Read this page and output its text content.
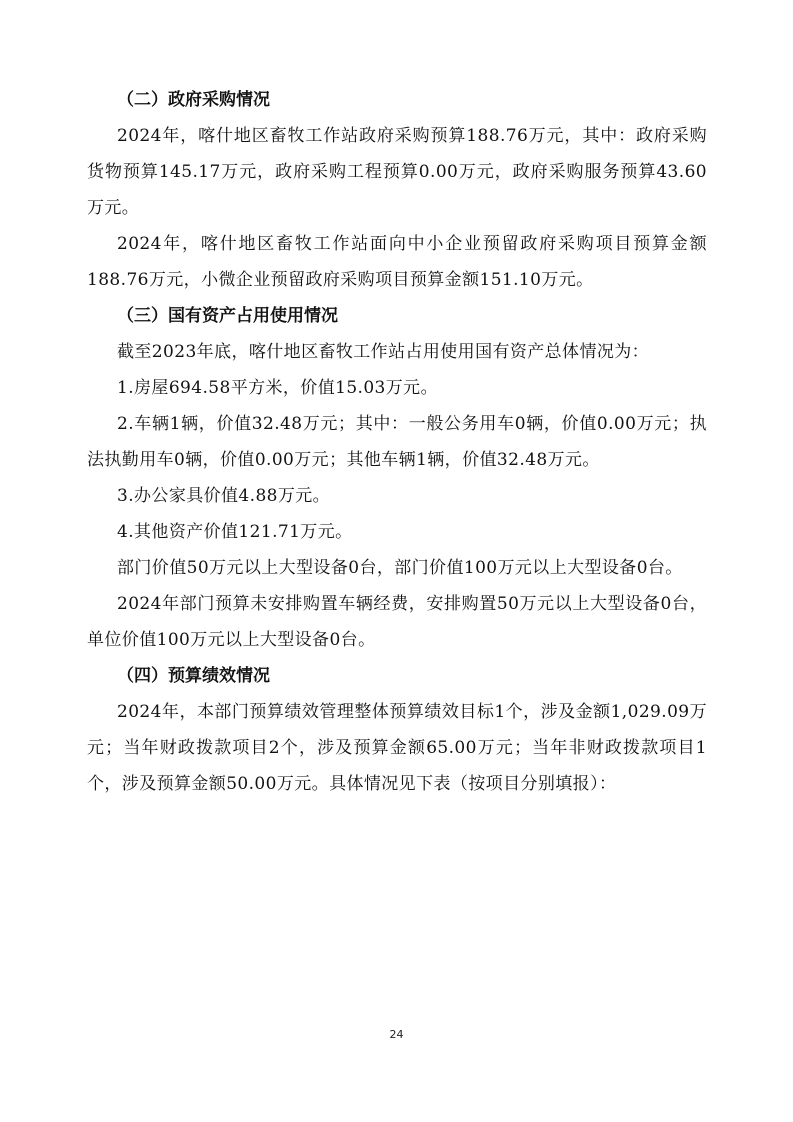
（二）政府采购情况

2024年，喀什地区畜牧工作站政府采购预算188.76万元，其中：政府采购货物预算145.17万元，政府采购工程预算0.00万元，政府采购服务预算43.60万元。

2024年，喀什地区畜牧工作站面向中小企业预留政府采购项目预算金额188.76万元，小微企业预留政府采购项目预算金额151.10万元。

（三）国有资产占用使用情况
截至2023年底，喀什地区畜牧工作站占用使用国有资产总体情况为：
1.房屋694.58平方米，价值15.03万元。

2.车辆1辆，价值32.48万元；其中：一般公务用车0辆，价值0.00万元；执法执勤用车0辆，价值0.00万元；其他车辆1辆，价值32.48万元。

3.办公家具价值4.88万元。
4.其他资产价值121.71万元。

部门价值50万元以上大型设备0台，部门价值100万元以上大型设备0台。

2024年部门预算未安排购置车辆经费，安排购置50万元以上大型设备0台，单位价值100万元以上大型设备0台。

（四）预算绩效情况

2024年，本部门预算绩效管理整体预算绩效目标1个，涉及金额1,029.09万元；当年财政拨款项目2个，涉及预算金额65.00万元；当年非财政拨款项目1个，涉及预算金额50.00万元。具体情况见下表（按项目分别填报）：

24
